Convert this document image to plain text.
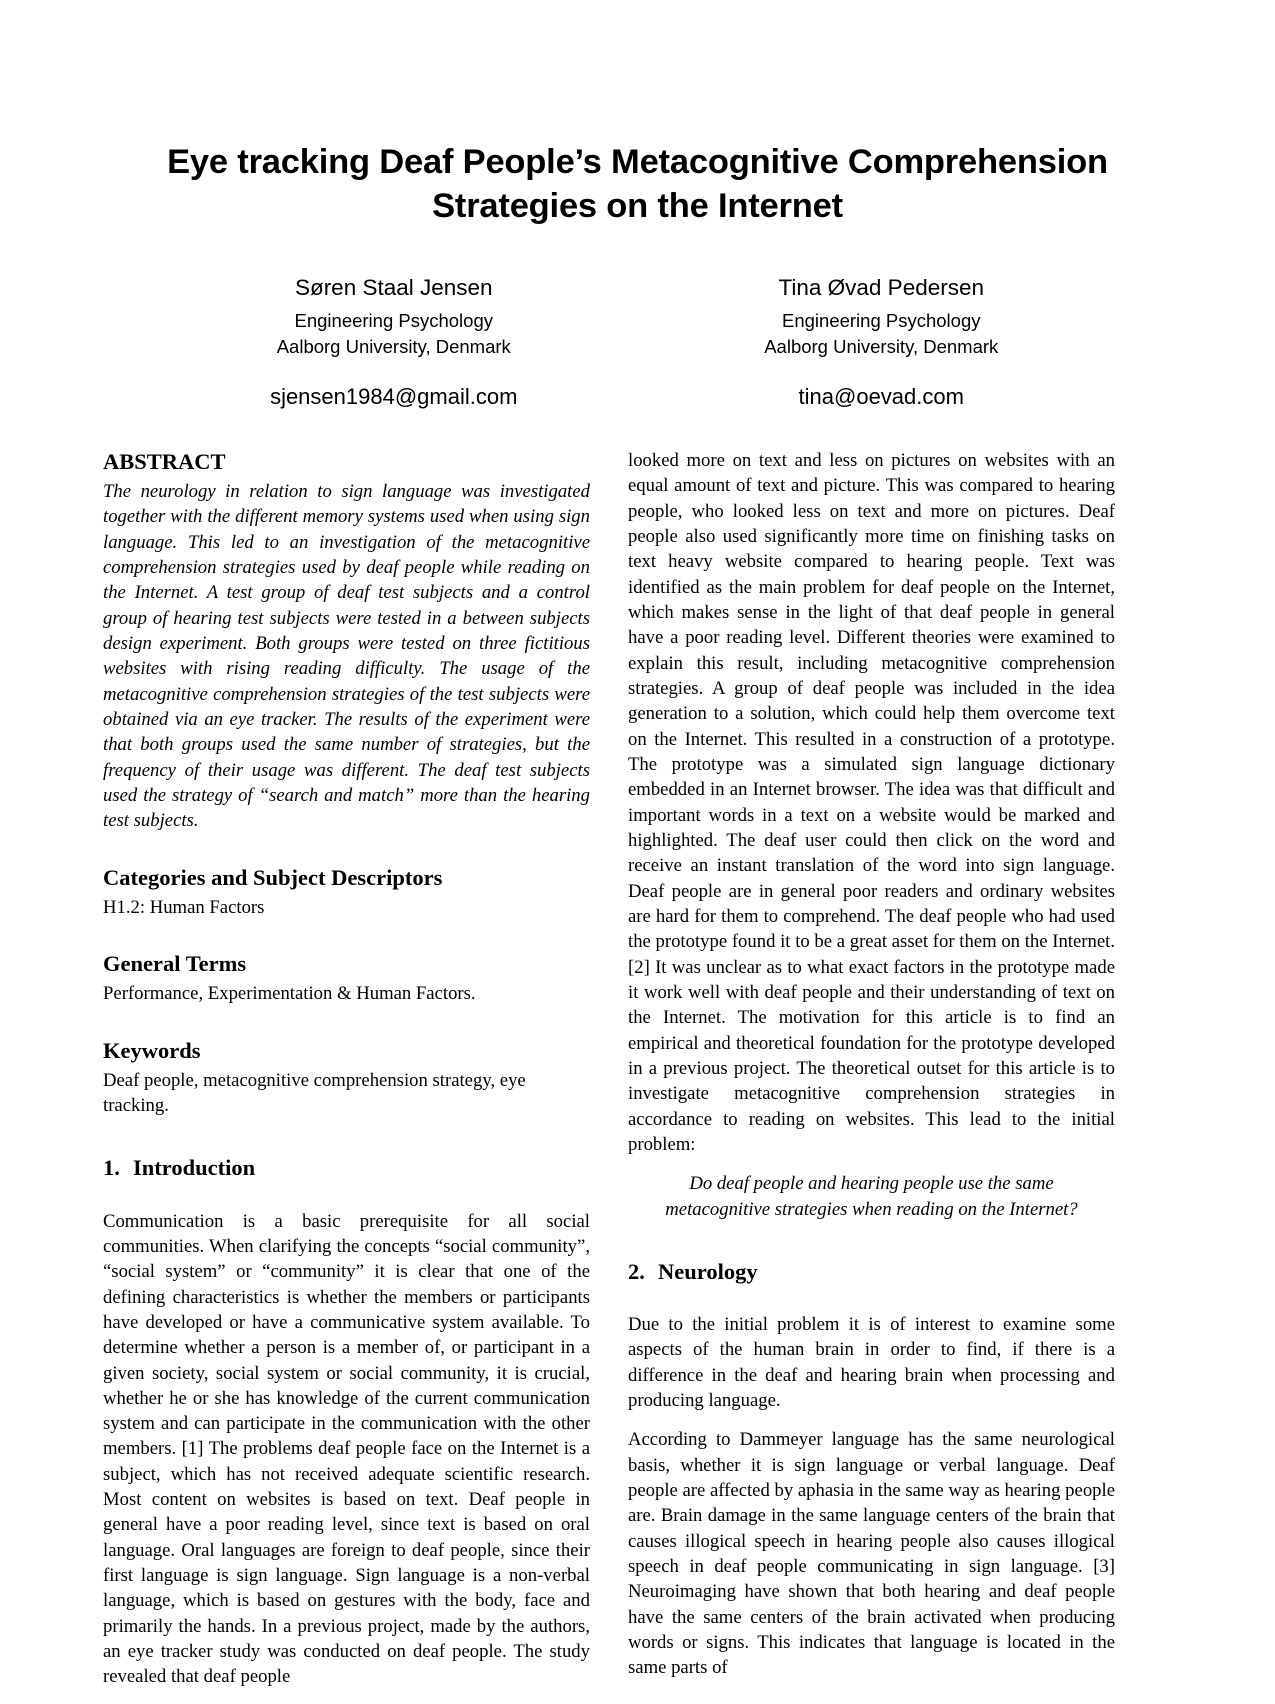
Eye tracking Deaf People’s Metacognitive Comprehension Strategies on the Internet
Søren Staal Jensen
Engineering Psychology
Aalborg University, Denmark
sjensen1984@gmail.com
Tina Øvad Pedersen
Engineering Psychology
Aalborg University, Denmark
tina@oevad.com
ABSTRACT

The neurology in relation to sign language was investigated together with the different memory systems used when using sign language. This led to an investigation of the metacognitive comprehension strategies used by deaf people while reading on the Internet. A test group of deaf test subjects and a control group of hearing test subjects were tested in a between subjects design experiment. Both groups were tested on three fictitious websites with rising reading difficulty. The usage of the metacognitive comprehension strategies of the test subjects were obtained via an eye tracker. The results of the experiment were that both groups used the same number of strategies, but the frequency of their usage was different. The deaf test subjects used the strategy of “search and match” more than the hearing test subjects.

Categories and Subject Descriptors

H1.2: Human Factors

General Terms

Performance, Experimentation & Human Factors.

Keywords

Deaf people, metacognitive comprehension strategy, eye tracking.

1. Introduction

Communication is a basic prerequisite for all social communities. When clarifying the concepts “social community”, “social system” or “community” it is clear that one of the defining characteristics is whether the members or participants have developed or have a communicative system available. To determine whether a person is a member of, or participant in a given society, social system or social community, it is crucial, whether he or she has knowledge of the current communication system and can participate in the communication with the other members. [1] The problems deaf people face on the Internet is a subject, which has not received adequate scientific research. Most content on websites is based on text. Deaf people in general have a poor reading level, since text is based on oral language. Oral languages are foreign to deaf people, since their first language is sign language. Sign language is a non-verbal language, which is based on gestures with the body, face and primarily the hands. In a previous project, made by the authors, an eye tracker study was conducted on deaf people. The study revealed that deaf people

looked more on text and less on pictures on websites with an equal amount of text and picture. This was compared to hearing people, who looked less on text and more on pictures. Deaf people also used significantly more time on finishing tasks on text heavy website compared to hearing people. Text was identified as the main problem for deaf people on the Internet, which makes sense in the light of that deaf people in general have a poor reading level. Different theories were examined to explain this result, including metacognitive comprehension strategies. A group of deaf people was included in the idea generation to a solution, which could help them overcome text on the Internet. This resulted in a construction of a prototype. The prototype was a simulated sign language dictionary embedded in an Internet browser. The idea was that difficult and important words in a text on a website would be marked and highlighted. The deaf user could then click on the word and receive an instant translation of the word into sign language. Deaf people are in general poor readers and ordinary websites are hard for them to comprehend. The deaf people who had used the prototype found it to be a great asset for them on the Internet. [2] It was unclear as to what exact factors in the prototype made it work well with deaf people and their understanding of text on the Internet. The motivation for this article is to find an empirical and theoretical foundation for the prototype developed in a previous project. The theoretical outset for this article is to investigate metacognitive comprehension strategies in accordance to reading on websites. This lead to the initial problem:

Do deaf people and hearing people use the same metacognitive strategies when reading on the Internet?

2. Neurology

Due to the initial problem it is of interest to examine some aspects of the human brain in order to find, if there is a difference in the deaf and hearing brain when processing and producing language.

According to Dammeyer language has the same neurological basis, whether it is sign language or verbal language. Deaf people are affected by aphasia in the same way as hearing people are. Brain damage in the same language centers of the brain that causes illogical speech in hearing people also causes illogical speech in deaf people communicating in sign language. [3] Neuroimaging have shown that both hearing and deaf people have the same centers of the brain activated when producing words or signs. This indicates that language is located in the same parts of
